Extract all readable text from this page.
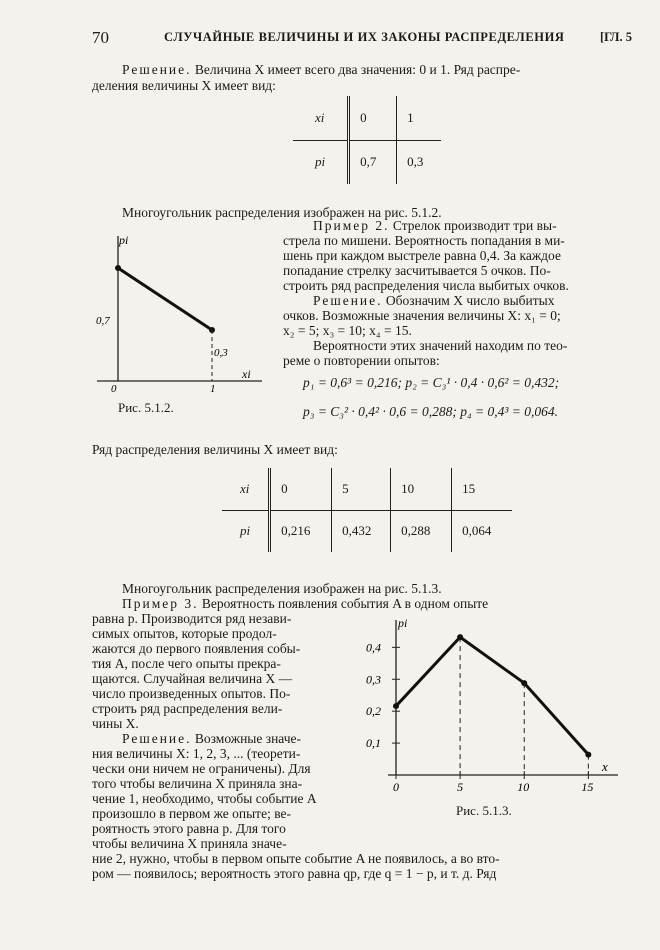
70	СЛУЧАЙНЫЕ ВЕЛИЧИНЫ И ИХ ЗАКОНЫ РАСПРЕДЕЛЕНИЯ	[ГЛ. 5
Решение. Величина X имеет всего два значения: 0 и 1. Ряд распре-
деления величины X имеет вид:
xi	0	1
pi	0,7	0,3
Многоугольник распределения изображен на рис. 5.1.2.
pi
xi
0,7
0,3
0	1
Рис. 5.1.2.
Пример 2. Стрелок производит три вы-
стрела по мишени. Вероятность попадания в ми-
шень при каждом выстреле равна 0,4. За каждое
попадание стрелку засчитывается 5 очков. По-
строить ряд распределения числа выбитых очков.
Решение. Обозначим X число выбитых
очков. Возможные значения величины X: x₁ = 0;
x₂ = 5; x₃ = 10; x₄ = 15.
Вероятности этих значений находим по тео-
реме о повторении опытов:
p₁ = 0,6³ = 0,216; p₂ = C₃¹ · 0,4 · 0,6² = 0,432;
p₃ = C₃² · 0,4² · 0,6 = 0,288; p₄ = 0,4³ = 0,064.
Ряд распределения величины X имеет вид:
xi	0	5	10	15
pi	0,216	0,432	0,288	0,064
Многоугольник распределения изображен на рис. 5.1.3.
Пример 3. Вероятность появления события A в одном опыте
равна p. Производится ряд незави-
симых опытов, которые продол-
жаются до первого появления собы-
тия A, после чего опыты прекра-
щаются. Случайная величина X —
число произведенных опытов. По-
строить ряд распределения вели-
чины X.
Решение. Возможные значе-
ния величины X: 1, 2, 3, ... (теорети-
чески они ничем не ограничены). Для
того чтобы величина X приняла зна-
чение 1, необходимо, чтобы событие A
произошло в первом же опыте; ве-
роятность этого равна p. Для того
чтобы величина X приняла значе-
ние 2, нужно, чтобы в первом опыте событие A не появилось, а во вто-
ром — появилось; вероятность этого равна qp, где q = 1 − p, и т. д. Ряд
pi
x
0,1
0,2
0,3
0,4
0	5	10	15
Рис. 5.1.3.
